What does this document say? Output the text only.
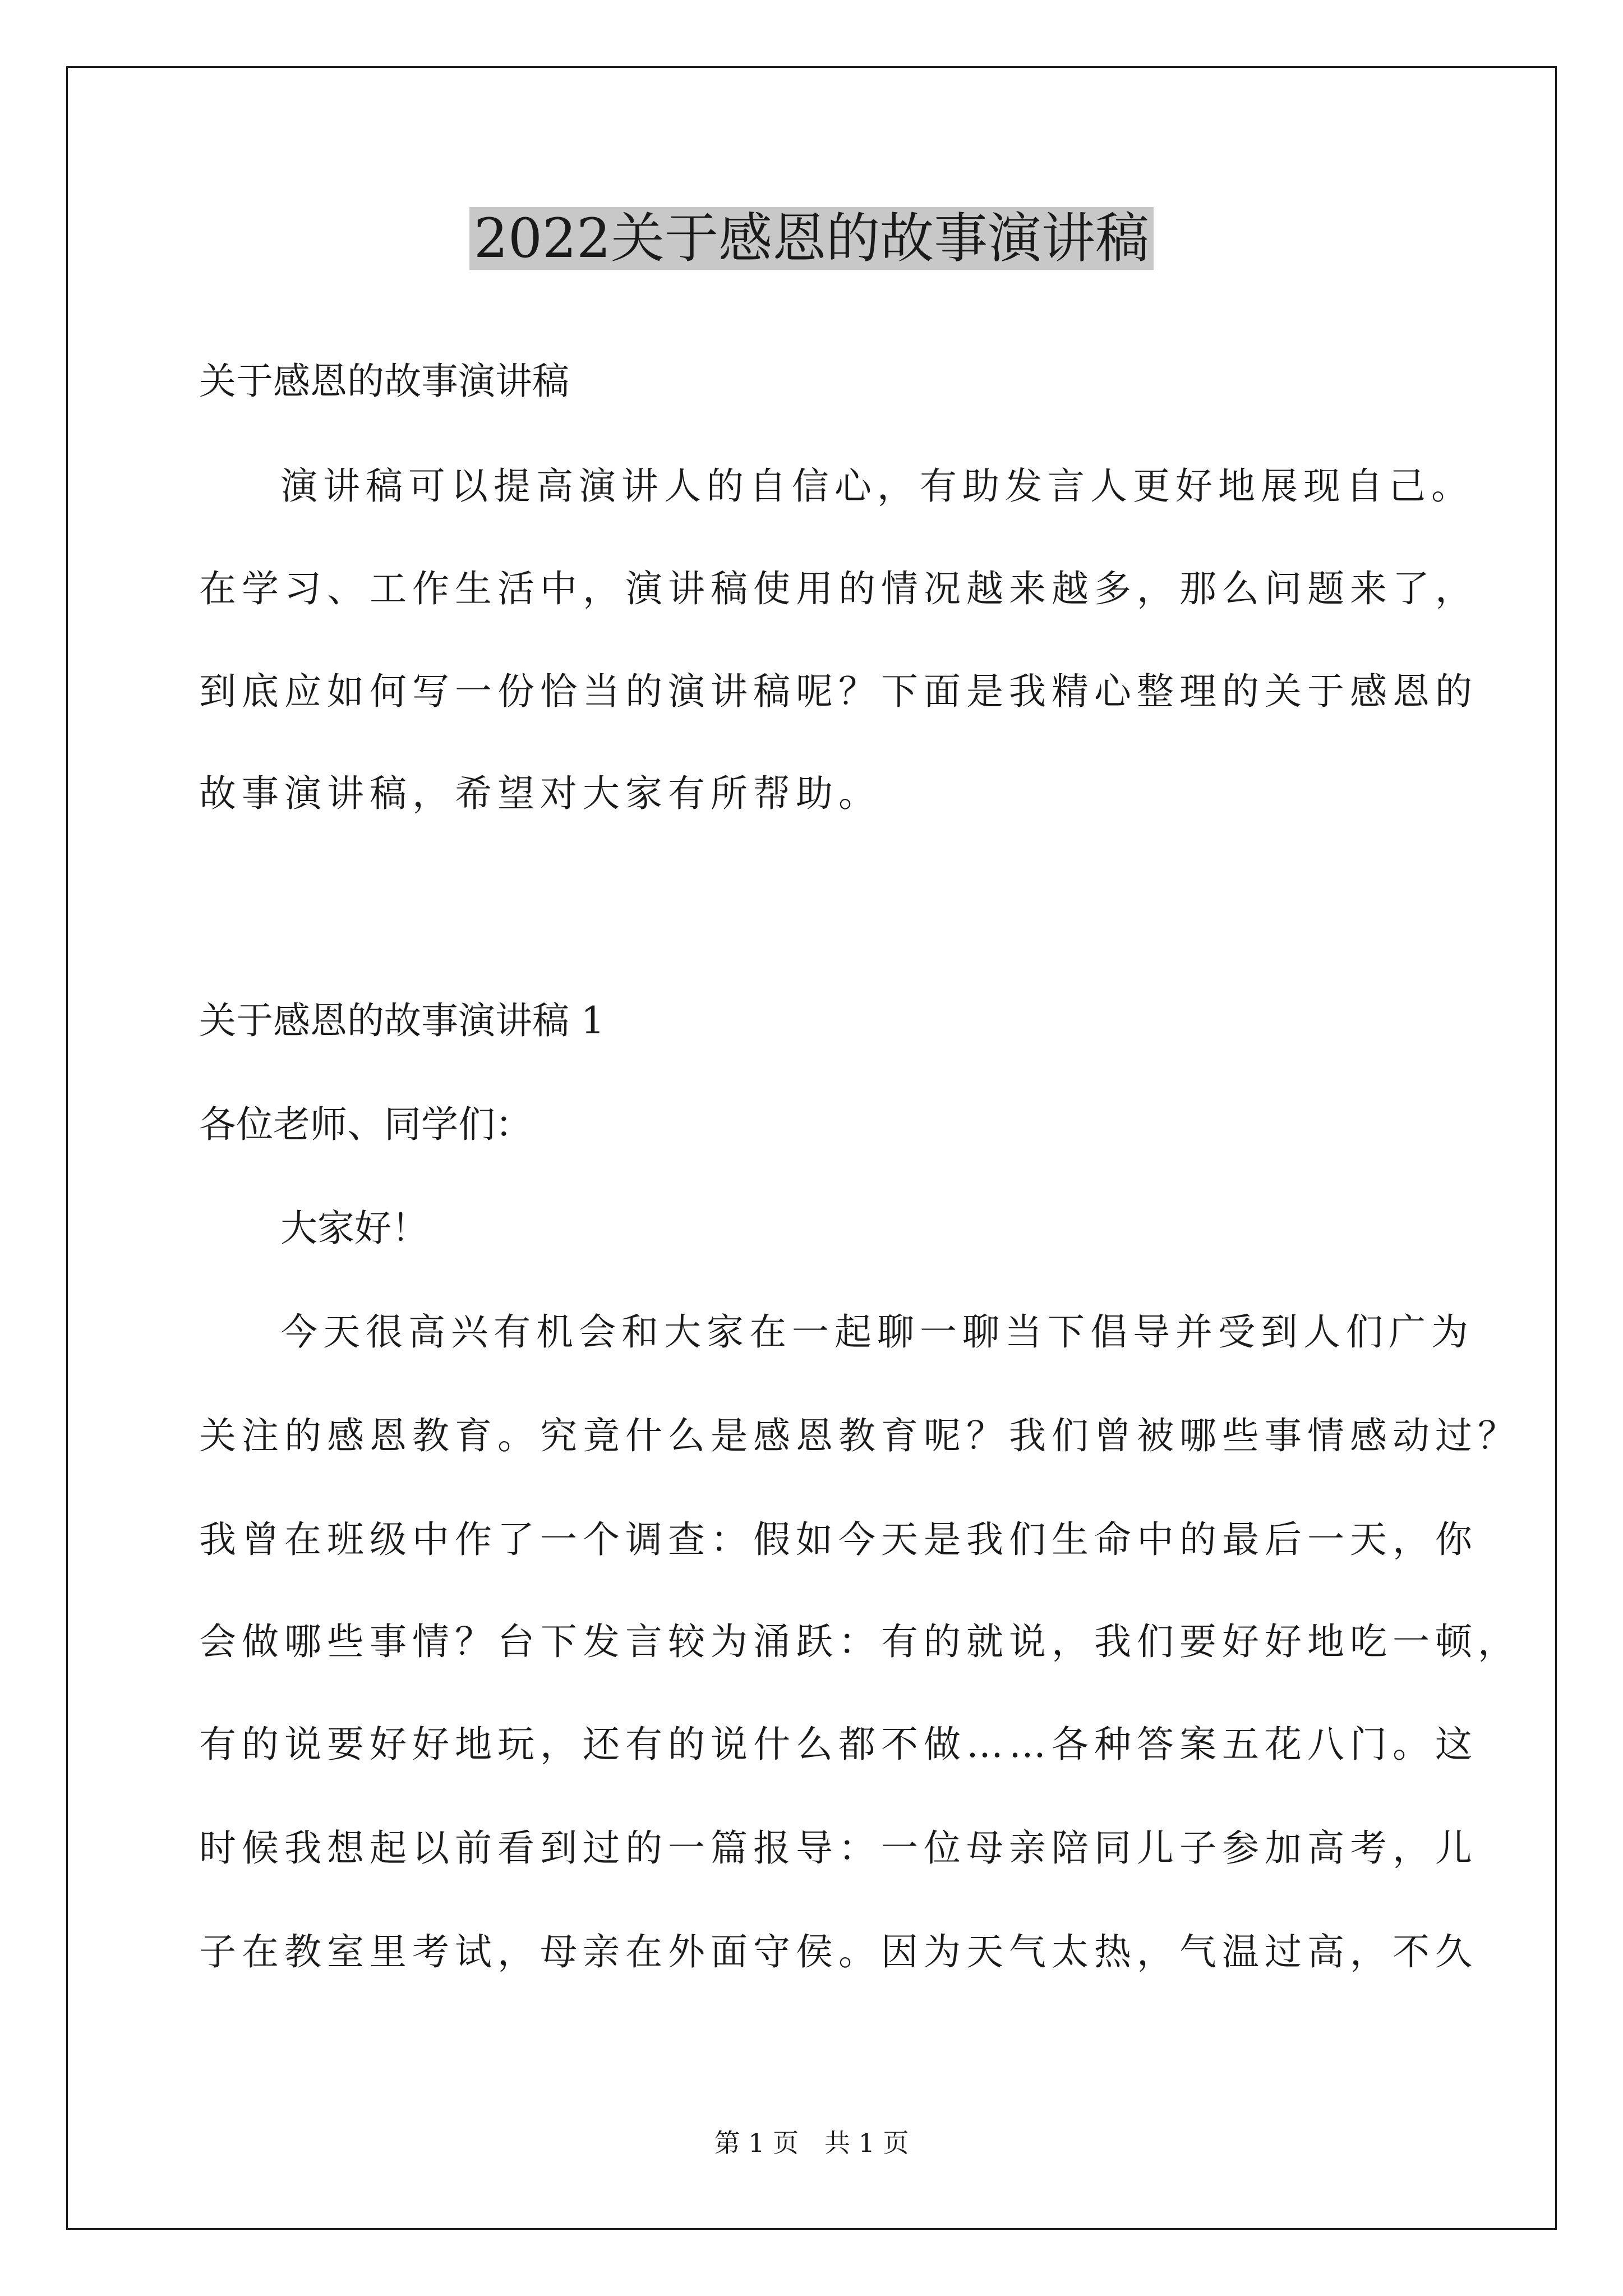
2022关于感恩的故事演讲稿

关于感恩的故事演讲稿

演讲稿可以提高演讲人的自信心，有助发言人更好地展现自己。

在学习、工作生活中，演讲稿使用的情况越来越多，那么问题来了，

到底应如何写一份恰当的演讲稿呢？下面是我精心整理的关于感恩的

故事演讲稿，希望对大家有所帮助。

关于感恩的故事演讲稿 1

各位老师、同学们：

大家好！

今天很高兴有机会和大家在一起聊一聊当下倡导并受到人们广为

关注的感恩教育。究竟什么是感恩教育呢？我们曾被哪些事情感动过？

我曾在班级中作了一个调查：假如今天是我们生命中的最后一天，你

会做哪些事情？台下发言较为涌跃：有的就说，我们要好好地吃一顿，

有的说要好好地玩，还有的说什么都不做……各种答案五花八门。这

时候我想起以前看到过的一篇报导：一位母亲陪同儿子参加高考，儿

子在教室里考试，母亲在外面守侯。因为天气太热，气温过高，不久

第 1 页　共 1 页
